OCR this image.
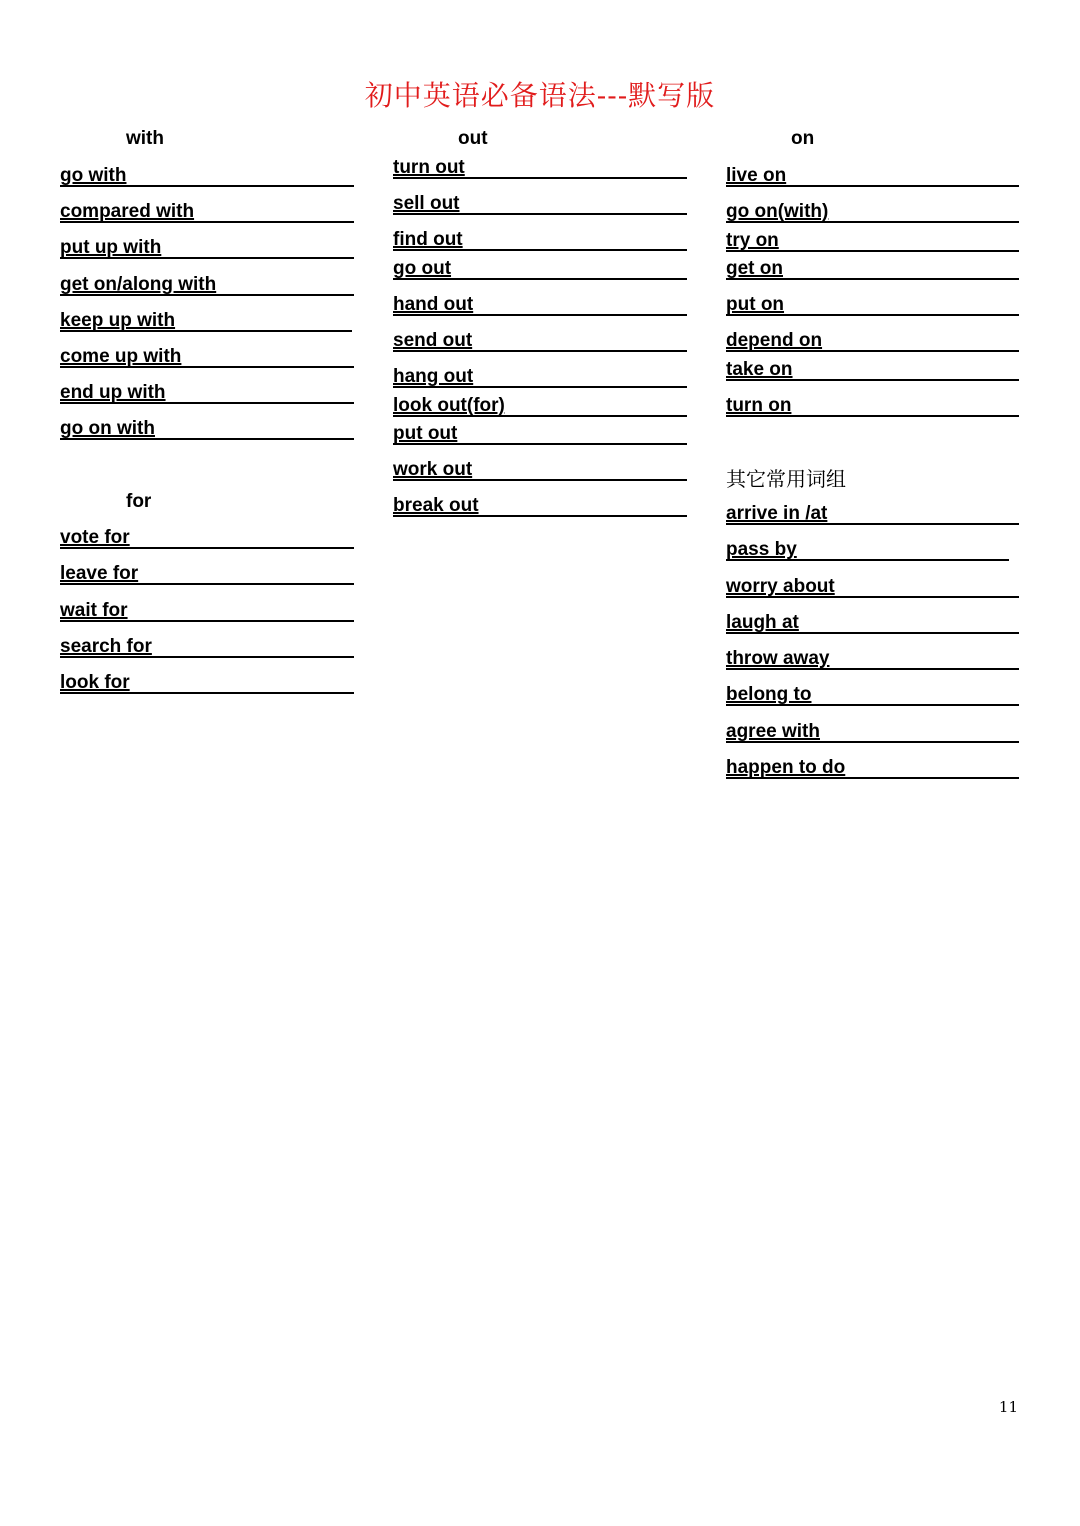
初中英语必备语法---默写版
with
go with
compared with
put up with
get on/along with
keep up with
come up with
end up with
go on with
for
vote for
leave for
wait for
search for
look for
out
turn out
sell out
find out
go out
hand out
send out
hang out
look out(for)
put out
work out
break out
on
live on
go on(with)
try on
get on
put on
depend on
take on
turn on
其它常用词组
arrive in /at
pass by
worry about
laugh at
throw away
belong to
agree with
happen to do
11
